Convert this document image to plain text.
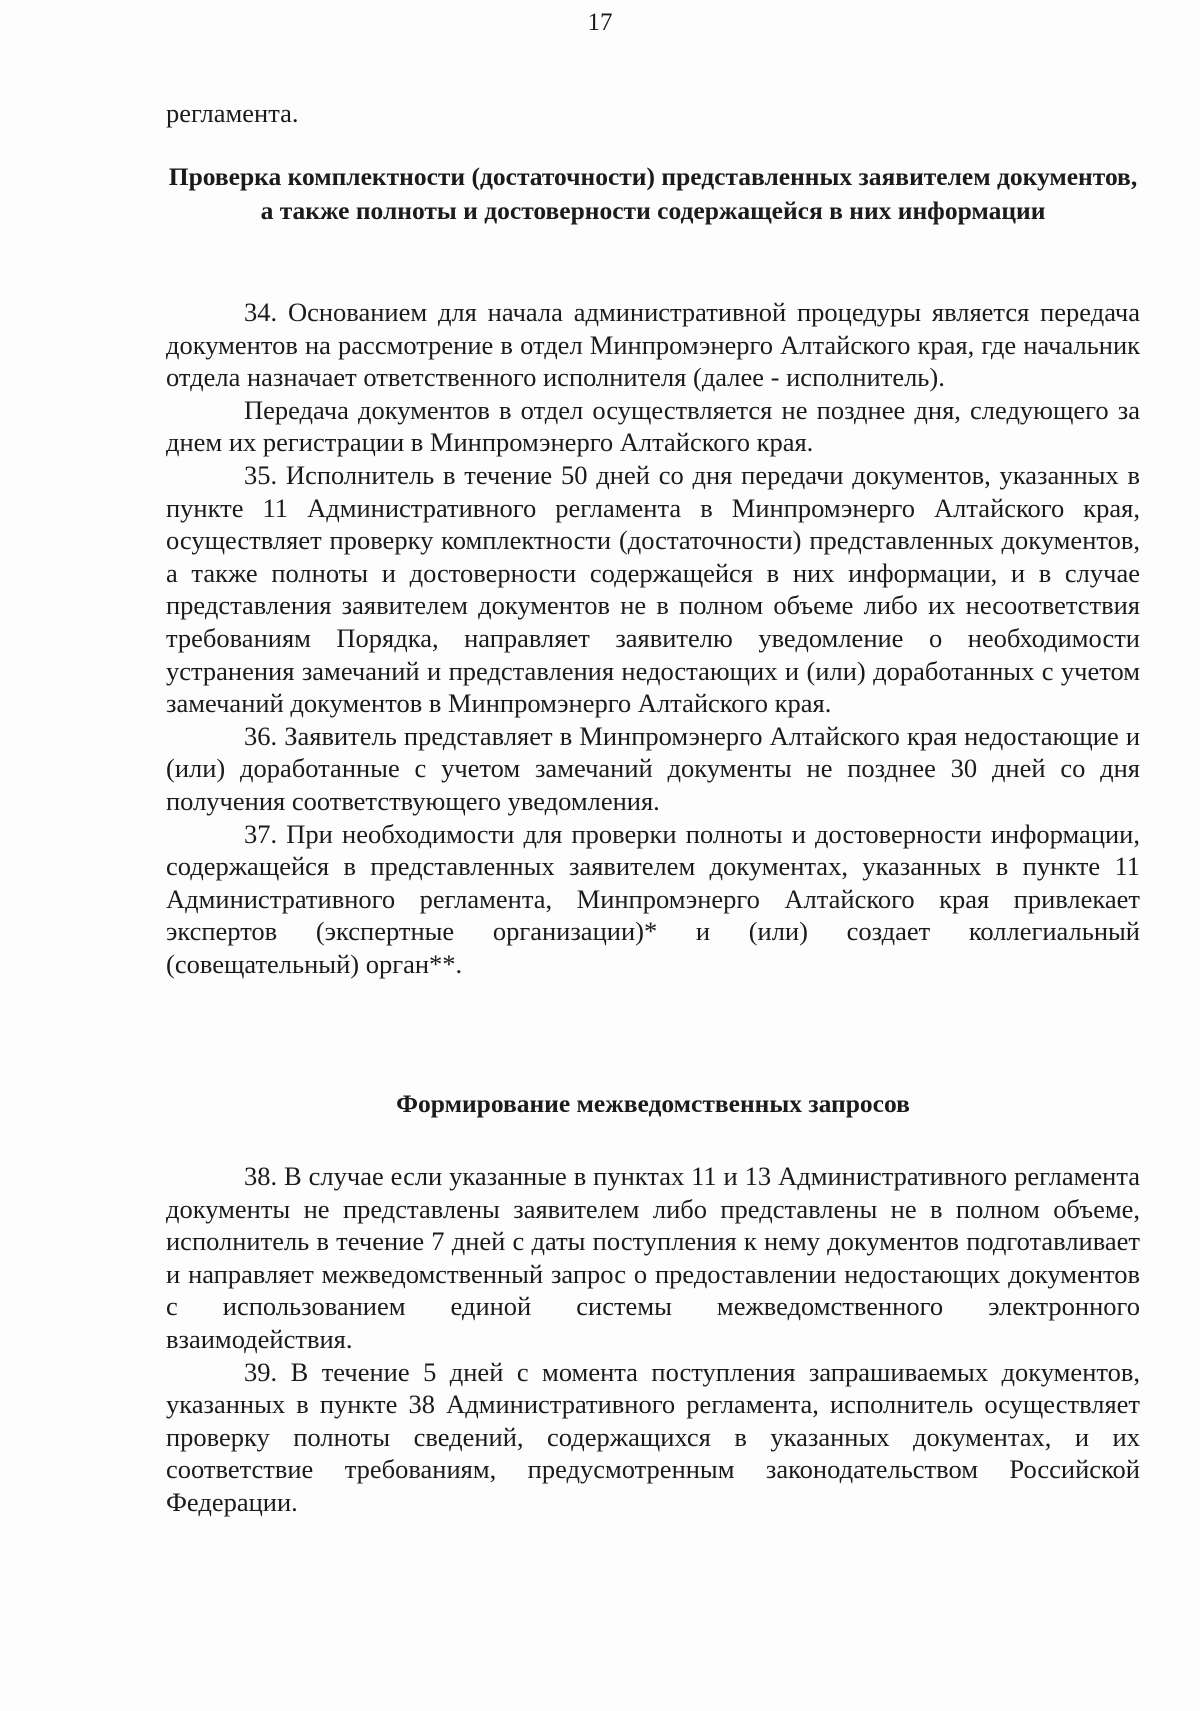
17
регламента.
Проверка комплектности (достаточности) представленных заявителем документов, а также полноты и достоверности содержащейся в них информации

34. Основанием для начала административной процедуры является передача документов на рассмотрение в отдел Минпромэнерго Алтайского края, где начальник отдела назначает ответственного исполнителя (далее - исполнитель).

Передача документов в отдел осуществляется не позднее дня, следующего за днем их регистрации в Минпромэнерго Алтайского края.

35. Исполнитель в течение 50 дней со дня передачи документов, указанных в пункте 11 Административного регламента в Минпромэнерго Алтайского края, осуществляет проверку комплектности (достаточности) представленных документов, а также полноты и достоверности содержащейся в них информации, и в случае представления заявителем документов не в полном объеме либо их несоответствия требованиям Порядка, направляет заявителю уведомление о необходимости устранения замечаний и представления недостающих и (или) доработанных с учетом замечаний документов в Минпромэнерго Алтайского края.

36. Заявитель представляет в Минпромэнерго Алтайского края недостающие и (или) доработанные с учетом замечаний документы не позднее 30 дней со дня получения соответствующего уведомления.

37. При необходимости для проверки полноты и достоверности информации, содержащейся в представленных заявителем документах, указанных в пункте 11 Административного регламента, Минпромэнерго Алтайского края привлекает экспертов (экспертные организации)* и (или) создает коллегиальный (совещательный) орган**.

Формирование межведомственных запросов

38. В случае если указанные в пунктах 11 и 13 Административного регламента документы не представлены заявителем либо представлены не в полном объеме, исполнитель в течение 7 дней с даты поступления к нему документов подготавливает и направляет межведомственный запрос о предоставлении недостающих документов с использованием единой системы межведомственного электронного взаимодействия.

39. В течение 5 дней с момента поступления запрашиваемых документов, указанных в пункте 38 Административного регламента, исполнитель осуществляет проверку полноты сведений, содержащихся в указанных документах, и их соответствие требованиям, предусмотренным законодательством Российской Федерации.
